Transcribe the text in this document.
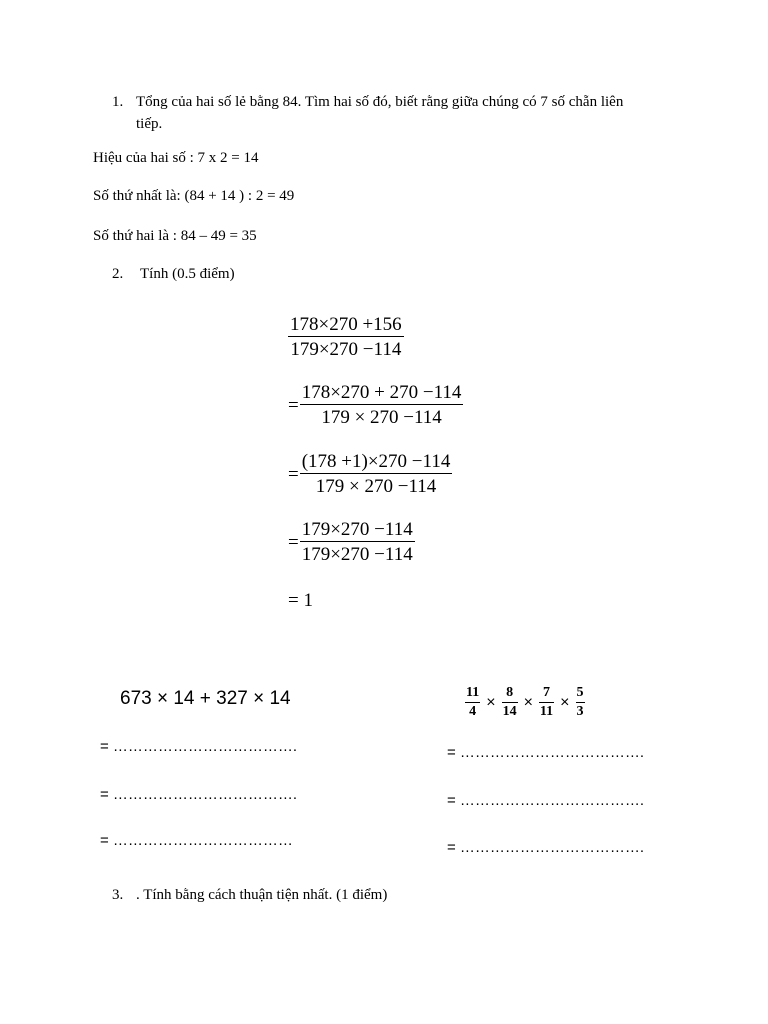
1. Tổng của hai số lẻ bằng 84. Tìm hai số đó, biết rằng giữa chúng có 7 số chẵn liên
tiếp.
Hiệu của hai số : 7 x 2 = 14
Số thứ nhất là: (84 + 14 ) : 2 = 49
Số thứ hai là : 84 – 49 = 35
2. Tính (0.5 điểm)
$\frac{178\times 270 +156}{179\times 270 -114}$
= $\frac{178\times 270 + 270 -114}{179 \times 270 -114}$
= $\frac{(178 +1)\times 270 -114}{179 \times 270 -114}$
= $\frac{179\times 270 -114}{179\times 270 -114}$
= 1
673 × 14 + 327 × 14
= ……………………………….
= ……………………………….
= ………………………………
$\frac{11}{4} \times \frac{8}{14} \times \frac{7}{11} \times \frac{5}{3}$
= ……………………………….
= ……………………………….
= ……………………………….
3. . Tính bằng cách thuận tiện nhất. (1 điểm)
